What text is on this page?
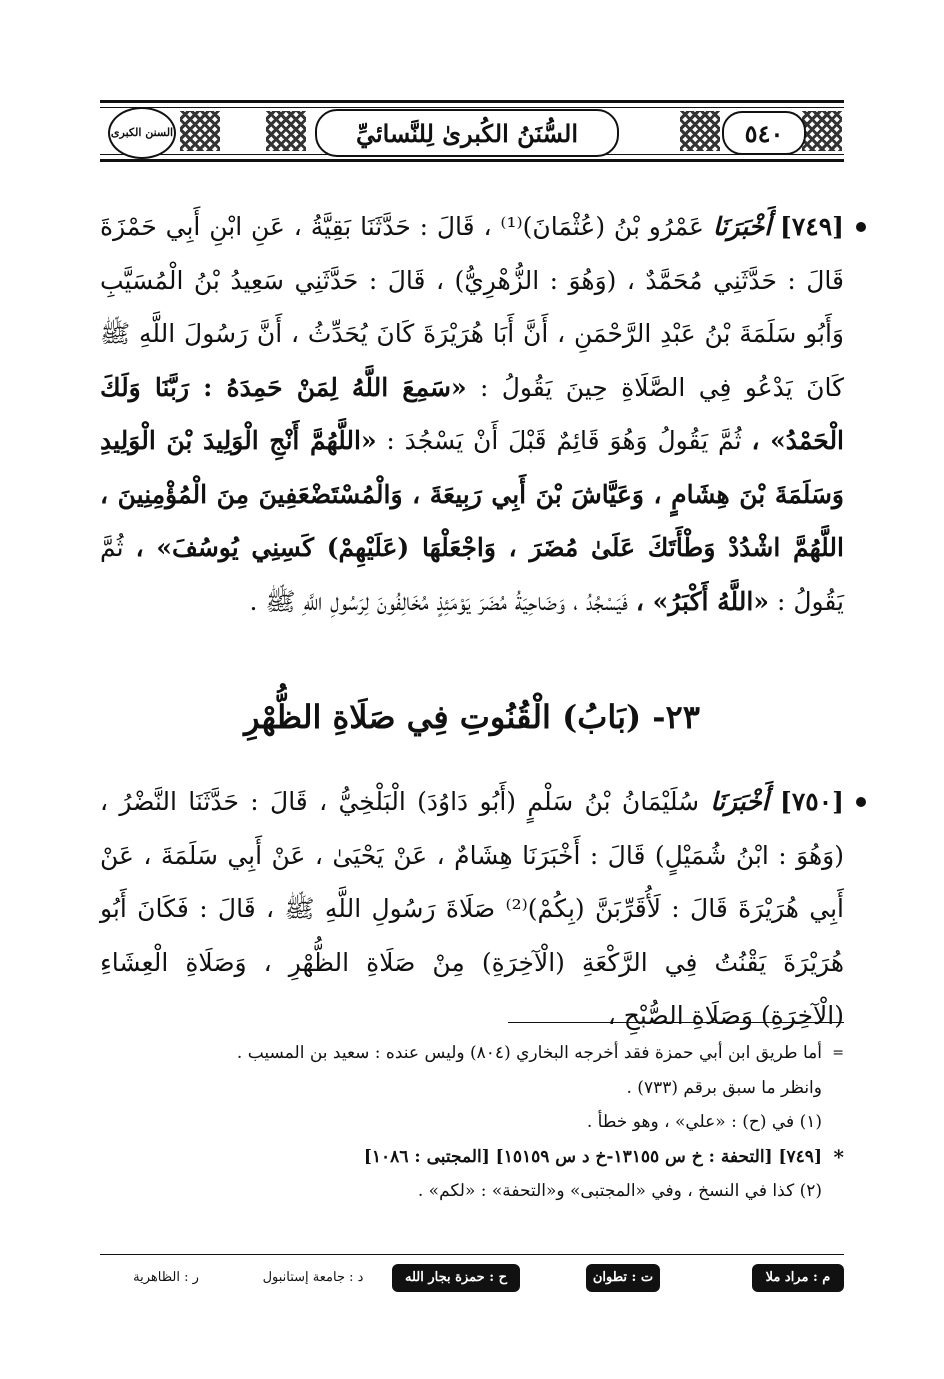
٥٤٠
السُّنَنُ الكُبرىٰ لِلنَّسائيِّ
السنن الكبرى

[٧٤٩] أَخْبَرَنَا عَمْرُو بْنُ (عُثْمَانَ)⁽¹⁾ ، قَالَ : حَدَّثَنَا بَقِيَّةُ ، عَنِ ابْنِ أَبِي حَمْزَةَ قَالَ : حَدَّثَنِي مُحَمَّدٌ ، (وَهُوَ : الزُّهْرِيُّ) ، قَالَ : حَدَّثَنِي سَعِيدُ بْنُ الْمُسَيَّبِ وَأَبُو سَلَمَةَ بْنُ عَبْدِ الرَّحْمَنِ ، أَنَّ أَبَا هُرَيْرَةَ كَانَ يُحَدِّثُ ، أَنَّ رَسُولَ اللَّهِ ﷺ كَانَ يَدْعُو فِي الصَّلَاةِ حِينَ يَقُولُ : «سَمِعَ اللَّهُ لِمَنْ حَمِدَهُ : رَبَّنَا وَلَكَ الْحَمْدُ» ، ثُمَّ يَقُولُ وَهُوَ قَائِمٌ قَبْلَ أَنْ يَسْجُدَ : «اللَّهُمَّ أَنْجِ الْوَلِيدَ بْنَ الْوَلِيدِ وَسَلَمَةَ بْنَ هِشَامٍ ، وَعَيَّاشَ بْنَ أَبِي رَبِيعَةَ ، وَالْمُسْتَضْعَفِينَ مِنَ الْمُؤْمِنِينَ ، اللَّهُمَّ اشْدُدْ وَطْأَتَكَ عَلَىٰ مُضَرَ ، وَاجْعَلْهَا (عَلَيْهِمْ) كَسِنِي يُوسُفَ» ، ثُمَّ يَقُولُ : «اللَّهُ أَكْبَرُ» ، فَيَسْجُدُ ، وَضَاحِيَةُ مُضَرَ يَوْمَئِذٍ مُخَالِفُونَ لِرَسُولِ اللَّهِ ﷺ .

٢٣- (بَابُ) الْقُنُوتِ فِي صَلَاةِ الظُّهْرِ

[٧٥٠] أَخْبَرَنَا سُلَيْمَانُ بْنُ سَلْمٍ (أَبُو دَاوُدَ) الْبَلْخِيُّ ، قَالَ : حَدَّثَنَا النَّضْرُ ، (وَهُوَ : ابْنُ شُمَيْلٍ) قَالَ : أَخْبَرَنَا هِشَامٌ ، عَنْ يَحْيَىٰ ، عَنْ أَبِي سَلَمَةَ ، عَنْ أَبِي هُرَيْرَةَ قَالَ : لَأُقَرِّبَنَّ (بِكُمْ)⁽²⁾ صَلَاةَ رَسُولِ اللَّهِ ﷺ ، قَالَ : فَكَانَ أَبُو هُرَيْرَةَ يَقْنُتُ فِي الرَّكْعَةِ (الْآخِرَةِ) مِنْ صَلَاةِ الظُّهْرِ ، وَصَلَاةِ الْعِشَاءِ (الْآخِرَةِ) وَصَلَاةِ الصُّبْحِ ،

=
أما طريق ابن أبي حمزة فقد أخرجه البخاري (٨٠٤) وليس عنده : سعيد بن المسيب .

وانظر ما سبق برقم (٧٣٣) .

(١) في (ح) : «علي» ، وهو خطأ .

*
[٧٤٩] [التحفة : خ س ١٣١٥٥-خ د س ١٥١٥٩] [المجتبى : ١٠٨٦]

(٢) كذا في النسخ ، وفي «المجتبى» و«التحفة» : «لكم» .

م : مراد ملا
ت : تطوان
ح : حمزة بجار الله
د : جامعة إستانبول
ر : الظاهرية
